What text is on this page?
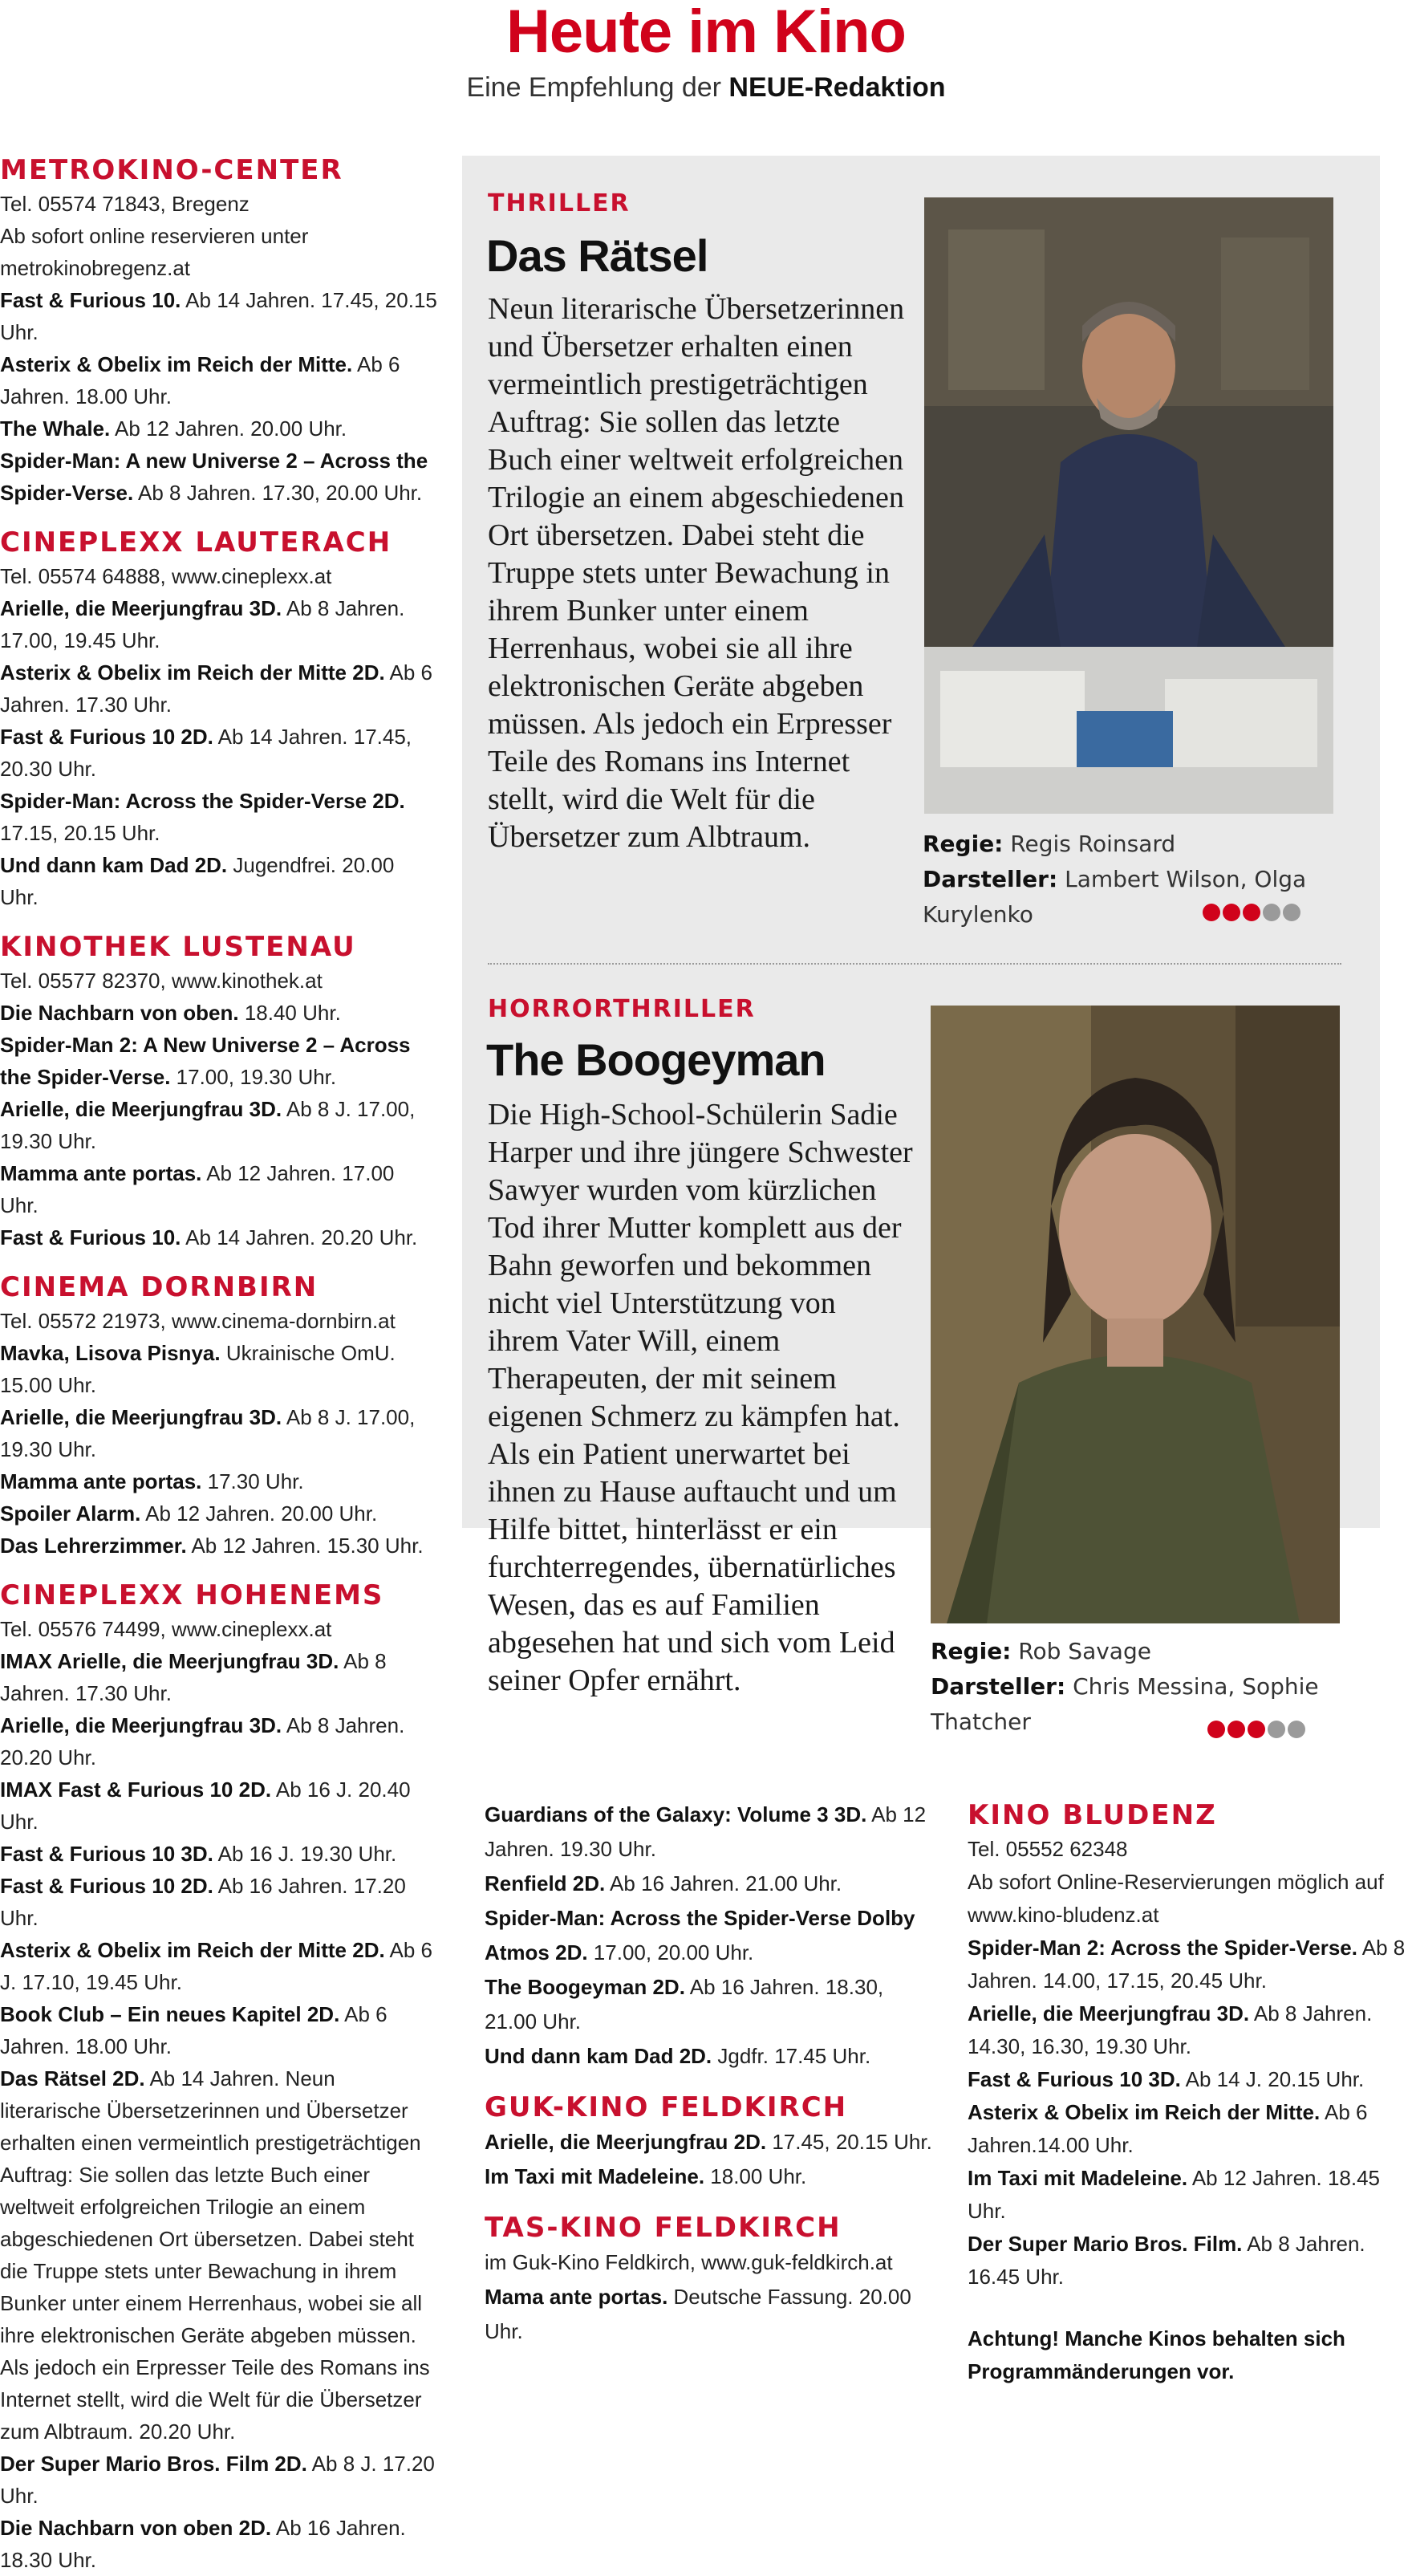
Heute im Kino
Eine Empfehlung der NEUE-Redaktion
METROKINO-CENTER

Tel. 05574 71843, Bregenz

Ab sofort online reservieren unter

metrokinobregenz.at

Fast & Furious 10. Ab 14 Jahren. 17.45, 20.15 Uhr.

Asterix & Obelix im Reich der Mitte. Ab 6 Jahren. 18.00 Uhr.

The Whale. Ab 12 Jahren. 20.00 Uhr.

Spider-Man: A new Universe 2 – Across the Spider-Verse. Ab 8 Jahren. 17.30, 20.00 Uhr.

CINEPLEXX LAUTERACH

Tel. 05574 64888, www.cineplexx.at

Arielle, die Meerjungfrau 3D. Ab 8 Jahren. 17.00, 19.45 Uhr.

Asterix & Obelix im Reich der Mitte 2D. Ab 6 Jahren. 17.30 Uhr.

Fast & Furious 10 2D. Ab 14 Jahren. 17.45, 20.30 Uhr.

Spider-Man: Across the Spider-Verse 2D. 17.15, 20.15 Uhr.

Und dann kam Dad 2D. Jugendfrei. 20.00 Uhr.

KINOTHEK LUSTENAU

Tel. 05577 82370, www.kinothek.at

Die Nachbarn von oben. 18.40 Uhr.

Spider-Man 2: A New Universe 2 – Across the Spider-Verse. 17.00, 19.30 Uhr.

Arielle, die Meerjungfrau 3D. Ab 8 J. 17.00, 19.30 Uhr.

Mamma ante portas. Ab 12 Jahren. 17.00 Uhr.

Fast & Furious 10. Ab 14 Jahren. 20.20 Uhr.

CINEMA DORNBIRN

Tel. 05572 21973, www.cinema-dornbirn.at

Mavka, Lisova Pisnya. Ukrainische OmU. 15.00 Uhr.

Arielle, die Meerjungfrau 3D. Ab 8 J. 17.00, 19.30 Uhr.

Mamma ante portas. 17.30 Uhr.

Spoiler Alarm. Ab 12 Jahren. 20.00 Uhr.

Das Lehrerzimmer. Ab 12 Jahren. 15.30 Uhr.

CINEPLEXX HOHENEMS

Tel. 05576 74499, www.cineplexx.at

IMAX Arielle, die Meerjungfrau 3D. Ab 8 Jahren. 17.30 Uhr.

Arielle, die Meerjungfrau 3D. Ab 8 Jahren. 20.20 Uhr.

IMAX Fast & Furious 10 2D. Ab 16 J. 20.40 Uhr.

Fast & Furious 10 3D. Ab 16 J. 19.30 Uhr.

Fast & Furious 10 2D. Ab 16 Jahren. 17.20 Uhr.

Asterix & Obelix im Reich der Mitte 2D. Ab 6 J. 17.10, 19.45 Uhr.

Book Club – Ein neues Kapitel 2D. Ab 6 Jahren. 18.00 Uhr.

Das Rätsel 2D. Ab 14 Jahren. Neun literarische Übersetzerinnen und Übersetzer erhalten einen vermeintlich prestigeträchtigen Auftrag: Sie sollen das letzte Buch einer weltweit erfolgreichen Trilogie an einem abgeschiedenen Ort übersetzen. Dabei steht die Truppe stets unter Bewachung in ihrem Bunker unter einem Herrenhaus, wobei sie all ihre elektronischen Geräte abgeben müssen. Als jedoch ein Erpresser Teile des Romans ins Internet stellt, wird die Welt für die Übersetzer zum Albtraum. 20.20 Uhr.

Der Super Mario Bros. Film 2D. Ab 8 J. 17.20 Uhr.

Die Nachbarn von oben 2D. Ab 16 Jahren. 18.30 Uhr.

THRILLER
Das Rätsel
Neun literarische Übersetzerinnen und Übersetzer erhalten einen vermeintlich prestigeträchtigen Auftrag: Sie sollen das letzte Buch einer weltweit erfolgreichen Trilogie an einem abgeschiedenen Ort übersetzen. Dabei steht die Truppe stets unter Bewachung in ihrem Bunker unter einem Herrenhaus, wobei sie all ihre elektronischen Geräte abgeben müssen. Als jedoch ein Erpresser Teile des Romans ins Internet stellt, wird die Welt für die Übersetzer zum Albtraum.	Regie: Regis Roinsard
Darsteller: Lambert Wilson, Olga Kurylenko
HORRORTHRILLER
The Boogeyman
Die High-School-Schülerin Sadie Harper und ihre jüngere Schwester Sawyer wurden vom kürzlichen Tod ihrer Mutter komplett aus der Bahn geworfen und bekommen nicht viel Unterstützung von ihrem Vater Will, einem Therapeuten, der mit seinem eigenen Schmerz zu kämpfen hat. Als ein Patient unerwartet bei ihnen zu Hause auftaucht und um Hilfe bittet, hinterlässt er ein furchterregendes, übernatürliches Wesen, das es auf Familien abgesehen hat und sich vom Leid seiner Opfer ernährt.
Regie: Rob Savage
Darsteller: Chris Messina, Sophie Thatcher

Guardians of the Galaxy: Volume 3 3D. Ab 12 Jahren. 19.30 Uhr.

Renfield 2D. Ab 16 Jahren. 21.00 Uhr.

Spider-Man: Across the Spider-Verse Dolby Atmos 2D. 17.00, 20.00 Uhr.

The Boogeyman 2D. Ab 16 Jahren. 18.30, 21.00 Uhr.

Und dann kam Dad 2D. Jgdfr. 17.45 Uhr.

GUK-KINO FELDKIRCH

Arielle, die Meerjungfrau 2D. 17.45, 20.15 Uhr.

Im Taxi mit Madeleine. 18.00 Uhr.

TAS-KINO FELDKIRCH

im Guk-Kino Feldkirch, www.guk-feldkirch.at

Mama ante portas. Deutsche Fassung. 20.00 Uhr.

KINO BLUDENZ

Tel. 05552 62348

Ab sofort Online-Reservierungen möglich auf www.kino-bludenz.at

Spider-Man 2: Across the Spider-Verse. Ab 8 Jahren. 14.00, 17.15, 20.45 Uhr.

Arielle, die Meerjungfrau 3D. Ab 8 Jahren. 14.30, 16.30, 19.30 Uhr.

Fast & Furious 10 3D. Ab 14 J. 20.15 Uhr.

Asterix & Obelix im Reich der Mitte. Ab 6 Jahren.14.00 Uhr.

Im Taxi mit Madeleine. Ab 12 Jahren. 18.45 Uhr.

Der Super Mario Bros. Film. Ab 8 Jahren. 16.45 Uhr.

Achtung! Manche Kinos behalten sich Programmänderungen vor.
